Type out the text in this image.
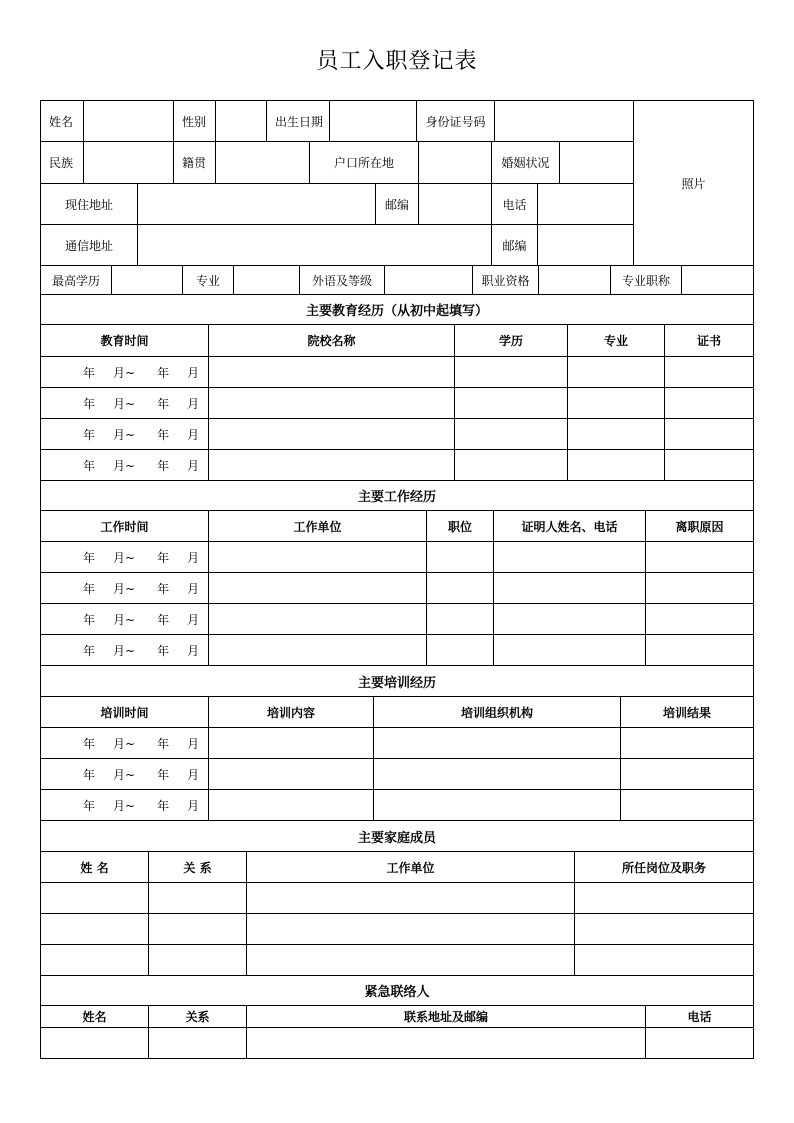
员工入职登记表
姓名	性别	出生日期	身份证号码
照片
民族	籍贯	户口所在地	婚姻状况
现住地址	邮编	电话
通信地址	邮编
最高学历	专业	外语及等级	职业资格	专业职称
主要教育经历（从初中起填写）
教育时间	院校名称	学历	专业	证书
年 月~ 年 月
年 月~ 年 月
年 月~ 年 月
年 月~ 年 月
主要工作经历
工作时间	工作单位	职位	证明人姓名、电话	离职原因
年 月~ 年 月
年 月~ 年 月
年 月~ 年 月
年 月~ 年 月
主要培训经历
培训时间	培训内容	培训组织机构	培训结果
年 月~ 年 月
年 月~ 年 月
年 月~ 年 月
主要家庭成员
姓 名	关 系	工作单位	所任岗位及职务
紧急联络人
姓名	关系	联系地址及邮编	电话
